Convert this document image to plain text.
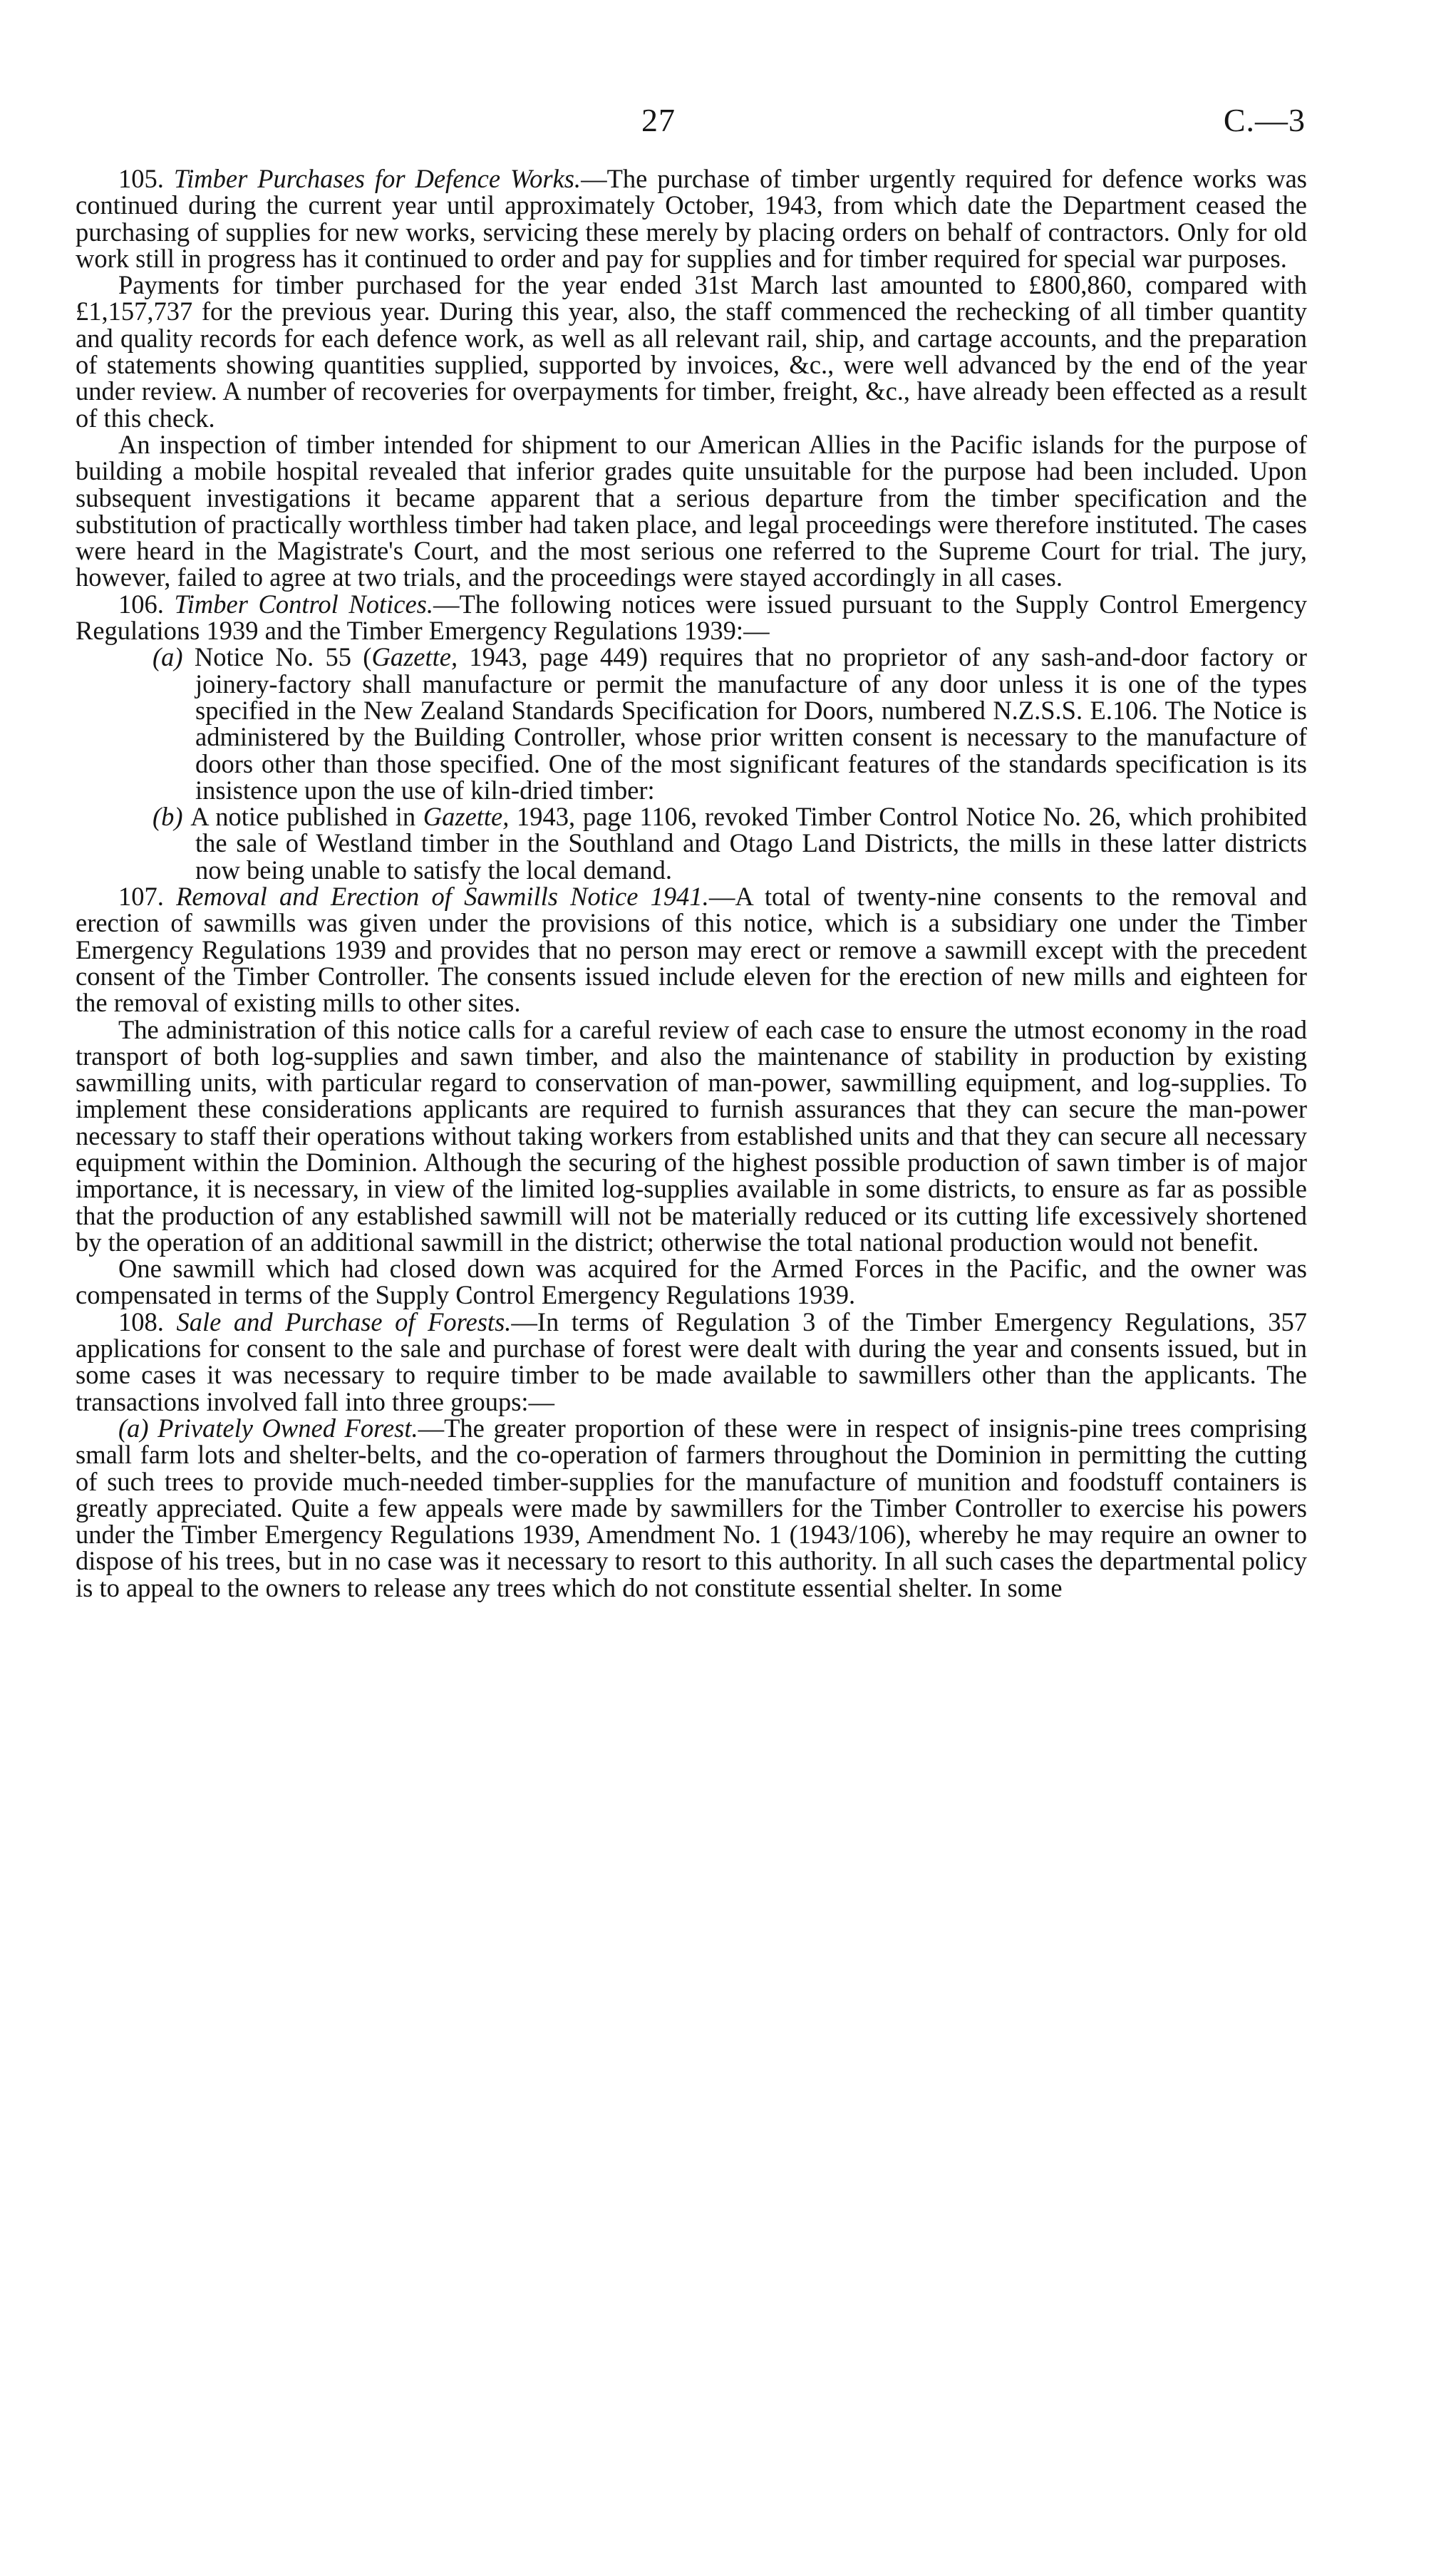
27	C.—3

105. Timber Purchases for Defence Works.—The purchase of timber urgently required for defence works was continued during the current year until approximately October, 1943, from which date the Department ceased the purchasing of supplies for new works, servicing these merely by placing orders on behalf of contractors. Only for old work still in progress has it continued to order and pay for supplies and for timber required for special war purposes.

Payments for timber purchased for the year ended 31st March last amounted to £800,860, compared with £1,157,737 for the previous year. During this year, also, the staff commenced the rechecking of all timber quantity and quality records for each defence work, as well as all relevant rail, ship, and cartage accounts, and the preparation of statements showing quantities supplied, supported by invoices, &c., were well advanced by the end of the year under review. A number of recoveries for overpayments for timber, freight, &c., have already been effected as a result of this check.

An inspection of timber intended for shipment to our American Allies in the Pacific islands for the purpose of building a mobile hospital revealed that inferior grades quite unsuitable for the purpose had been included. Upon subsequent investigations it became apparent that a serious departure from the timber specification and the substitution of practically worthless timber had taken place, and legal proceedings were therefore instituted. The cases were heard in the Magistrate's Court, and the most serious one referred to the Supreme Court for trial. The jury, however, failed to agree at two trials, and the proceedings were stayed accordingly in all cases.

106. Timber Control Notices.—The following notices were issued pursuant to the Supply Control Emergency Regulations 1939 and the Timber Emergency Regulations 1939:—

(a) Notice No. 55 (Gazette, 1943, page 449) requires that no proprietor of any sash-and-door factory or joinery-factory shall manufacture or permit the manufacture of any door unless it is one of the types specified in the New Zealand Standards Specification for Doors, numbered N.Z.S.S. E.106. The Notice is administered by the Building Controller, whose prior written consent is necessary to the manufacture of doors other than those specified. One of the most significant features of the standards specification is its insistence upon the use of kiln-dried timber:

(b) A notice published in Gazette, 1943, page 1106, revoked Timber Control Notice No. 26, which prohibited the sale of Westland timber in the Southland and Otago Land Districts, the mills in these latter districts now being unable to satisfy the local demand.

107. Removal and Erection of Sawmills Notice 1941.—A total of twenty-nine consents to the removal and erection of sawmills was given under the provisions of this notice, which is a subsidiary one under the Timber Emergency Regulations 1939 and provides that no person may erect or remove a sawmill except with the precedent consent of the Timber Controller. The consents issued include eleven for the erection of new mills and eighteen for the removal of existing mills to other sites.

The administration of this notice calls for a careful review of each case to ensure the utmost economy in the road transport of both log-supplies and sawn timber, and also the maintenance of stability in production by existing sawmilling units, with particular regard to conservation of man-power, sawmilling equipment, and log-supplies. To implement these considerations applicants are required to furnish assurances that they can secure the man-power necessary to staff their operations without taking workers from established units and that they can secure all necessary equipment within the Dominion. Although the securing of the highest possible production of sawn timber is of major importance, it is necessary, in view of the limited log-supplies available in some districts, to ensure as far as possible that the production of any established sawmill will not be materially reduced or its cutting life excessively shortened by the operation of an additional sawmill in the district; otherwise the total national production would not benefit.

One sawmill which had closed down was acquired for the Armed Forces in the Pacific, and the owner was compensated in terms of the Supply Control Emergency Regulations 1939.

108. Sale and Purchase of Forests.—In terms of Regulation 3 of the Timber Emergency Regulations, 357 applications for consent to the sale and purchase of forest were dealt with during the year and consents issued, but in some cases it was necessary to require timber to be made available to sawmillers other than the applicants. The transactions involved fall into three groups:—

(a) Privately Owned Forest.—The greater proportion of these were in respect of insignis-pine trees comprising small farm lots and shelter-belts, and the co-operation of farmers throughout the Dominion in permitting the cutting of such trees to provide much-needed timber-supplies for the manufacture of munition and foodstuff containers is greatly appreciated. Quite a few appeals were made by sawmillers for the Timber Controller to exercise his powers under the Timber Emergency Regulations 1939, Amendment No. 1 (1943/106), whereby he may require an owner to dispose of his trees, but in no case was it necessary to resort to this authority. In all such cases the departmental policy is to appeal to the owners to release any trees which do not constitute essential shelter. In some
